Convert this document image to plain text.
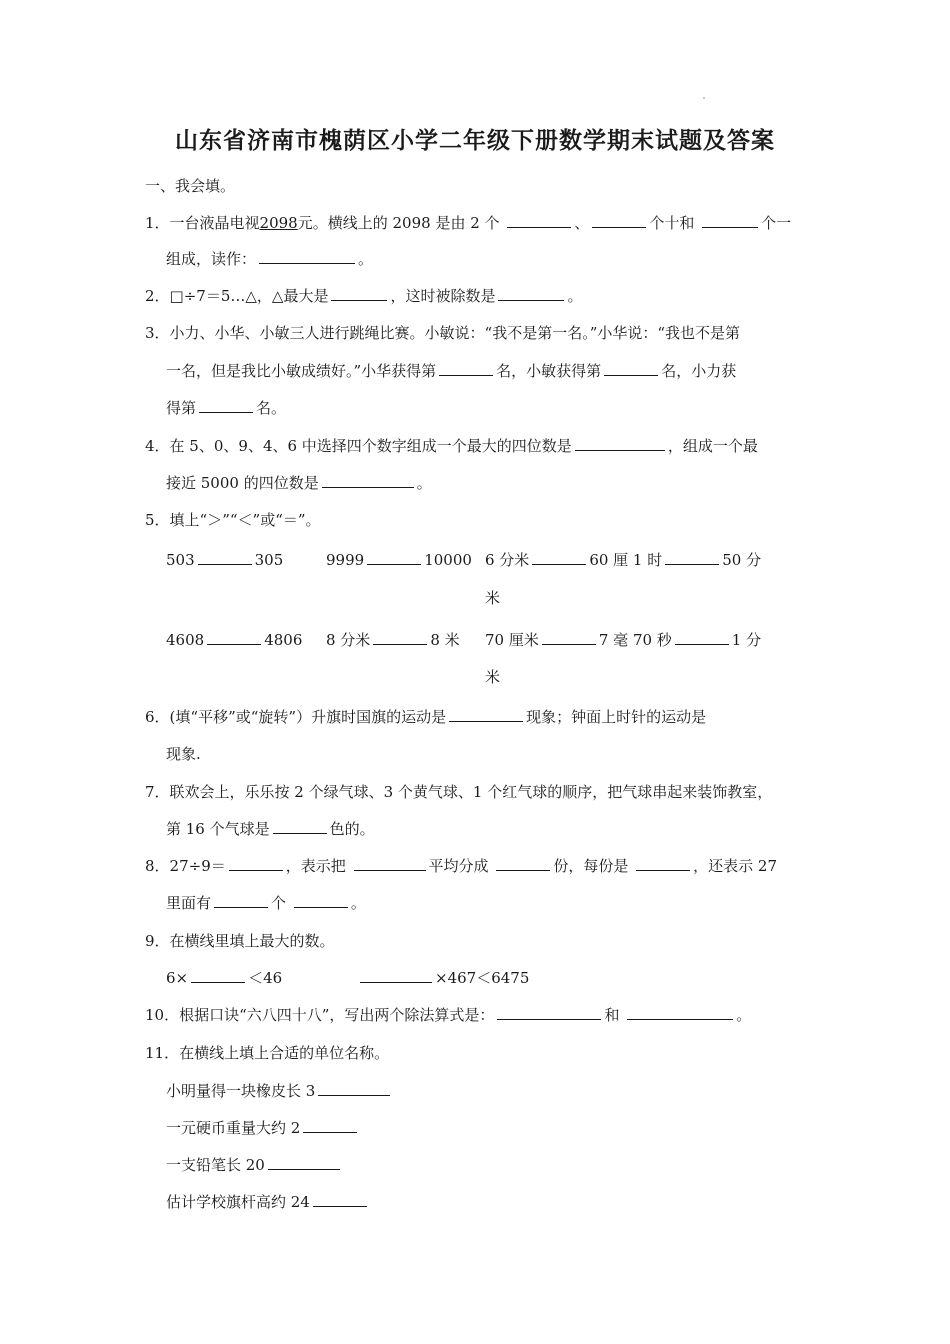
山东省济南市槐荫区小学二年级下册数学期末试题及答案
一、我会填。
1．一台液晶电视2098元。横线上的 2098 是由 2 个	、	个十和	个一
组成，读作：	。
2．□÷7＝5…△，△最大是	，这时被除数是	。
3．小力、小华、小敏三人进行跳绳比赛。小敏说：“我不是第一名。”小华说：“我也不是第
一名，但是我比小敏成绩好。”小华获得第	名，小敏获得第	名，小力获
得第	名。
4．在 5、0、9、4、6 中选择四个数字组成一个最大的四位数是	，组成一个最
接近 5000 的四位数是	。
5．填上“＞”“＜”或“＝”。
503	305	9999	10000 6 分米	60 厘 1 时	50 分
米
4608	4806 8 分米	8 米 70 厘米	7 毫 70 秒	1 分
米
6．(填“平移”或“旋转”）升旗时国旗的运动是	现象；钟面上时针的运动是
现象.
7．联欢会上，乐乐按 2 个绿气球、3 个黄气球、1 个红气球的顺序，把气球串起来装饰教室，
第 16 个气球是	色的。
8．27÷9＝	，表示把	平均分成	份，每份是	，还表示 27
里面有	个	。
9．在横线里填上最大的数。
6×	＜46	×467＜6475
10．根据口诀“六八四十八”，写出两个除法算式是：	和	。
11．在横线上填上合适的单位名称。
小明量得一块橡皮长 3
一元硬币重量大约 2
一支铅笔长 20
估计学校旗杆高约 24
